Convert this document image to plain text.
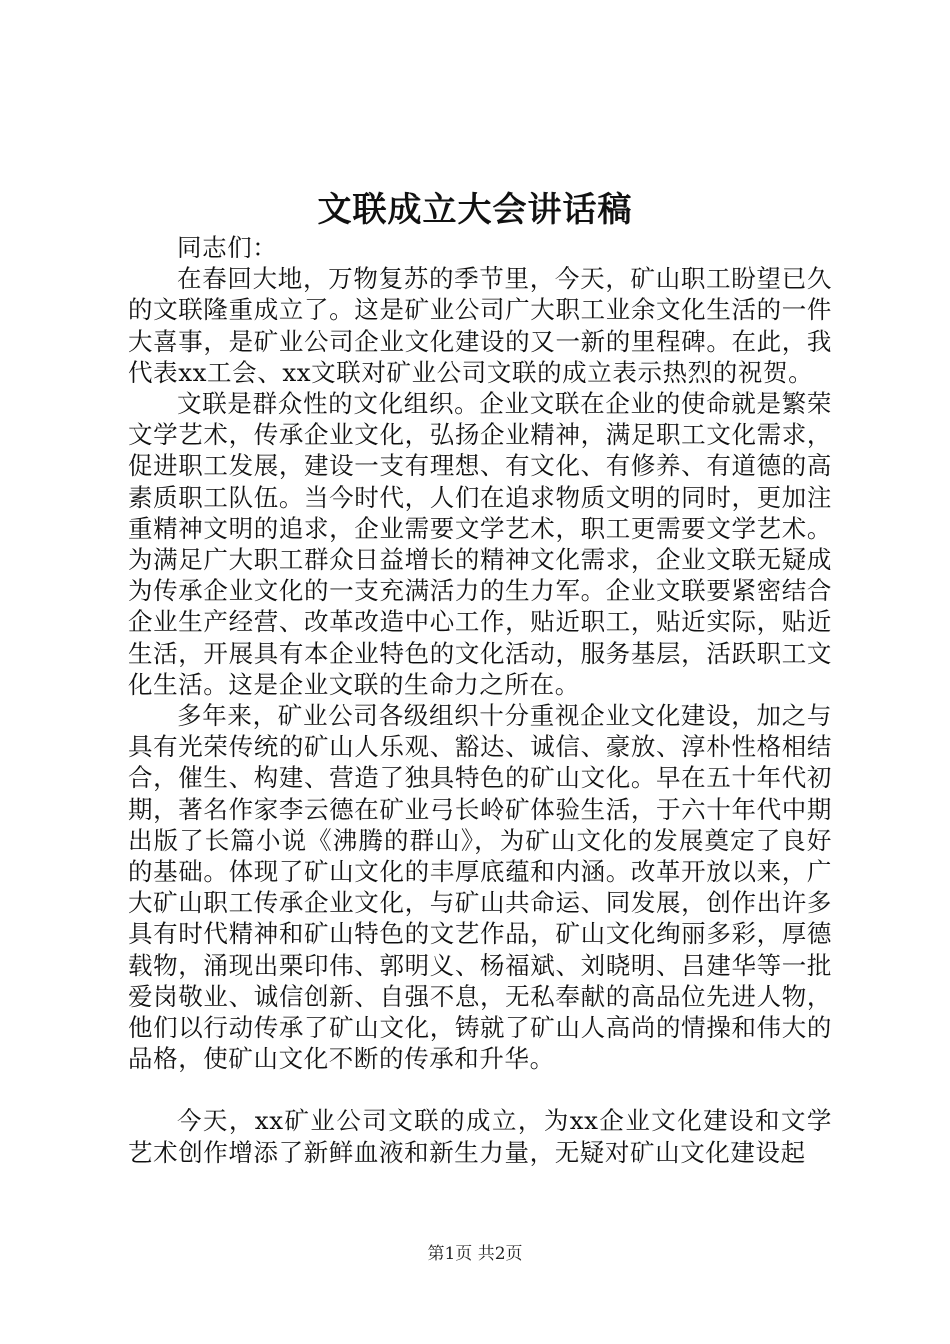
文联成立大会讲话稿

同志们：

在春回大地，万物复苏的季节里，今天，矿山职工盼望已久的文联隆重成立了。这是矿业公司广大职工业余文化生活的一件大喜事，是矿业公司企业文化建设的又一新的里程碑。在此，我代表xx工会、xx文联对矿业公司文联的成立表示热烈的祝贺。

文联是群众性的文化组织。企业文联在企业的使命就是繁荣文学艺术，传承企业文化，弘扬企业精神，满足职工文化需求，促进职工发展，建设一支有理想、有文化、有修养、有道德的高素质职工队伍。当今时代，人们在追求物质文明的同时，更加注重精神文明的追求，企业需要文学艺术，职工更需要文学艺术。为满足广大职工群众日益增长的精神文化需求，企业文联无疑成为传承企业文化的一支充满活力的生力军。企业文联要紧密结合企业生产经营、改革改造中心工作，贴近职工，贴近实际，贴近生活，开展具有本企业特色的文化活动，服务基层，活跃职工文化生活。这是企业文联的生命力之所在。

多年来，矿业公司各级组织十分重视企业文化建设，加之与具有光荣传统的矿山人乐观、豁达、诚信、豪放、淳朴性格相结合，催生、构建、营造了独具特色的矿山文化。早在五十年代初期，著名作家李云德在矿业弓长岭矿体验生活，于六十年代中期出版了长篇小说《沸腾的群山》，为矿山文化的发展奠定了良好的基础。体现了矿山文化的丰厚底蕴和内涵。改革开放以来，广大矿山职工传承企业文化，与矿山共命运、同发展，创作出许多具有时代精神和矿山特色的文艺作品，矿山文化绚丽多彩，厚德载物，涌现出栗印伟、郭明义、杨福斌、刘晓明、吕建华等一批爱岗敬业、诚信创新、自强不息，无私奉献的高品位先进人物，他们以行动传承了矿山文化，铸就了矿山人高尚的情操和伟大的品格，使矿山文化不断的传承和升华。

今天，xx矿业公司文联的成立，为xx企业文化建设和文学艺术创作增添了新鲜血液和新生力量，无疑对矿山文化建设起

第1页 共2页
